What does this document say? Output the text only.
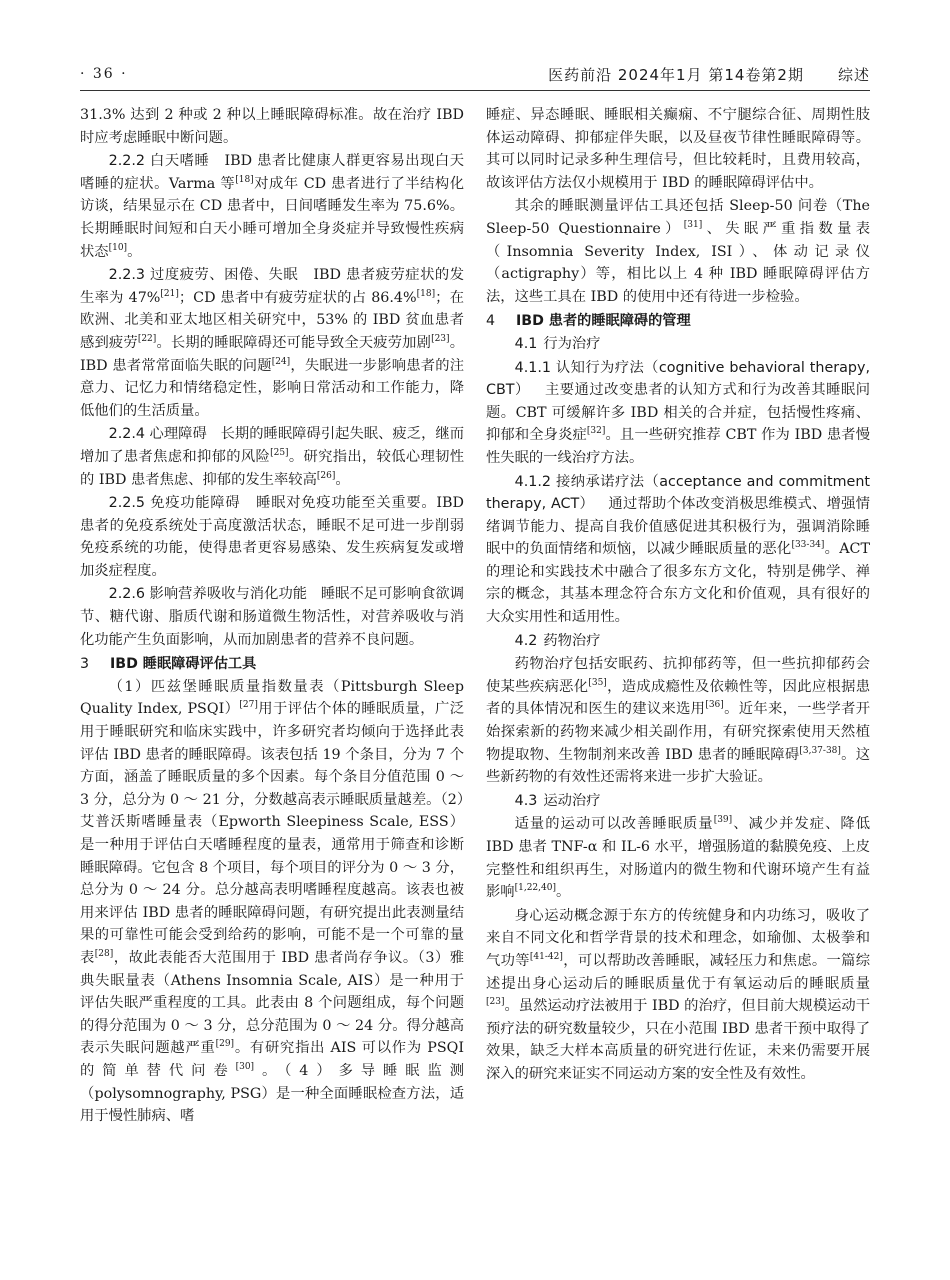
· 36 ·	医药前沿 2024年1月 第14卷第2期 综述

31.3% 达到 2 种或 2 种以上睡眠障碍标准。故在治疗 IBD 时应考虑睡眠中断问题。

2.2.2 白天嗜睡 IBD 患者比健康人群更容易出现白天嗜睡的症状。Varma 等[18]对成年 CD 患者进行了半结构化访谈，结果显示在 CD 患者中，日间嗜睡发生率为 75.6%。长期睡眠时间短和白天小睡可增加全身炎症并导致慢性疾病状态[10]。

2.2.3 过度疲劳、困倦、失眠 IBD 患者疲劳症状的发生率为 47%[21]；CD 患者中有疲劳症状的占 86.4%[18]；在欧洲、北美和亚太地区相关研究中，53% 的 IBD 贫血患者感到疲劳[22]。长期的睡眠障碍还可能导致全天疲劳加剧[23]。IBD 患者常常面临失眠的问题[24]，失眠进一步影响患者的注意力、记忆力和情绪稳定性，影响日常活动和工作能力，降低他们的生活质量。

2.2.4 心理障碍 长期的睡眠障碍引起失眠、疲乏，继而增加了患者焦虑和抑郁的风险[25]。研究指出，较低心理韧性的 IBD 患者焦虑、抑郁的发生率较高[26]。

2.2.5 免疫功能障碍 睡眠对免疫功能至关重要。IBD 患者的免疫系统处于高度激活状态，睡眠不足可进一步削弱免疫系统的功能，使得患者更容易感染、发生疾病复发或增加炎症程度。

2.2.6 影响营养吸收与消化功能 睡眠不足可影响食欲调节、糖代谢、脂质代谢和肠道微生物活性，对营养吸收与消化功能产生负面影响，从而加剧患者的营养不良问题。

3 IBD 睡眠障碍评估工具

（1）匹兹堡睡眠质量指数量表（Pittsburgh Sleep Quality Index, PSQI）[27]用于评估个体的睡眠质量，广泛用于睡眠研究和临床实践中，许多研究者均倾向于选择此表评估 IBD 患者的睡眠障碍。该表包括 19 个条目，分为 7 个方面，涵盖了睡眠质量的多个因素。每个条目分值范围 0 ～ 3 分，总分为 0 ～ 21 分，分数越高表示睡眠质量越差。（2）艾普沃斯嗜睡量表（Epworth Sleepiness Scale, ESS）是一种用于评估白天嗜睡程度的量表，通常用于筛查和诊断睡眠障碍。它包含 8 个项目，每个项目的评分为 0 ～ 3 分，总分为 0 ～ 24 分。总分越高表明嗜睡程度越高。该表也被用来评估 IBD 患者的睡眠障碍问题，有研究提出此表测量结果的可靠性可能会受到给药的影响，可能不是一个可靠的量表[28]，故此表能否大范围用于 IBD 患者尚存争议。（3）雅典失眠量表（Athens Insomnia Scale, AIS）是一种用于评估失眠严重程度的工具。此表由 8 个问题组成，每个问题的得分范围为 0 ～ 3 分，总分范围为 0 ～ 24 分。得分越高表示失眠问题越严重[29]。有研究指出 AIS 可以作为 PSQI 的简单替代问卷[30]。（4）多导睡眠监测（polysomnography, PSG）是一种全面睡眠检查方法，适用于慢性肺病、嗜

睡症、异态睡眠、睡眠相关癫痫、不宁腿综合征、周期性肢体运动障碍、抑郁症伴失眠，以及昼夜节律性睡眠障碍等。其可以同时记录多种生理信号，但比较耗时，且费用较高，故该评估方法仅小规模用于 IBD 的睡眠障碍评估中。

其余的睡眠测量评估工具还包括 Sleep-50 问卷（The Sleep-50 Questionnaire）[31]、失眠严重指数量表（Insomnia Severity Index, ISI）、体动记录仪（actigraphy）等，相比以上 4 种 IBD 睡眠障碍评估方法，这些工具在 IBD 的使用中还有待进一步检验。

4 IBD 患者的睡眠障碍的管理

4.1 行为治疗

4.1.1 认知行为疗法（cognitive behavioral therapy, CBT） 主要通过改变患者的认知方式和行为改善其睡眠问题。CBT 可缓解许多 IBD 相关的合并症，包括慢性疼痛、抑郁和全身炎症[32]。且一些研究推荐 CBT 作为 IBD 患者慢性失眠的一线治疗方法。

4.1.2 接纳承诺疗法（acceptance and commitment therapy, ACT） 通过帮助个体改变消极思维模式、增强情绪调节能力、提高自我价值感促进其积极行为，强调消除睡眠中的负面情绪和烦恼，以减少睡眠质量的恶化[33-34]。ACT 的理论和实践技术中融合了很多东方文化，特别是佛学、禅宗的概念，其基本理念符合东方文化和价值观，具有很好的大众实用性和适用性。

4.2 药物治疗

药物治疗包括安眠药、抗抑郁药等，但一些抗抑郁药会使某些疾病恶化[35]，造成成瘾性及依赖性等，因此应根据患者的具体情况和医生的建议来选用[36]。近年来，一些学者开始探索新的药物来减少相关副作用，有研究探索使用天然植物提取物、生物制剂来改善 IBD 患者的睡眠障碍[3,37-38]。这些新药物的有效性还需将来进一步扩大验证。

4.3 运动治疗

适量的运动可以改善睡眠质量[39]、减少并发症、降低 IBD 患者 TNF-α 和 IL-6 水平，增强肠道的黏膜免疫、上皮完整性和组织再生，对肠道内的微生物和代谢环境产生有益影响[1,22,40]。

身心运动概念源于东方的传统健身和内功练习，吸收了来自不同文化和哲学背景的技术和理念，如瑜伽、太极拳和气功等[41-42]，可以帮助改善睡眠，减轻压力和焦虑。一篇综述提出身心运动后的睡眠质量优于有氧运动后的睡眠质量[23]。虽然运动疗法被用于 IBD 的治疗，但目前大规模运动干预疗法的研究数量较少，只在小范围 IBD 患者干预中取得了效果，缺乏大样本高质量的研究进行佐证，未来仍需要开展深入的研究来证实不同运动方案的安全性及有效性。
